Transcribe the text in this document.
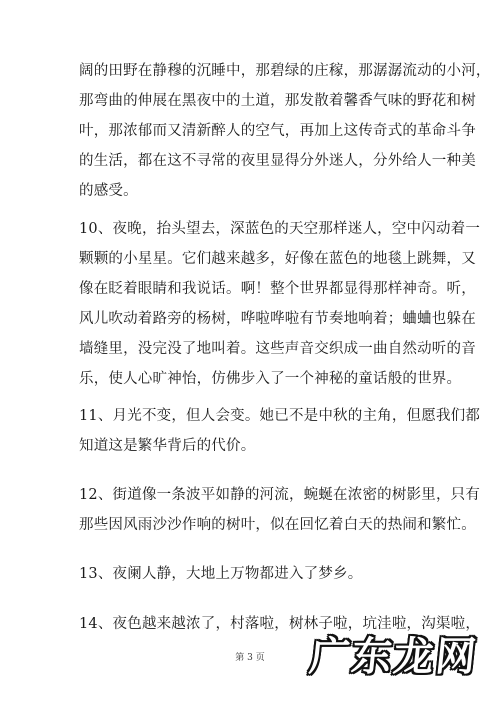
阔的田野在静穆的沉睡中，那碧绿的庄稼，那潺潺流动的小河，
那弯曲的伸展在黑夜中的土道，那发散着馨香气味的野花和树
叶，那浓郁而又清新醉人的空气，再加上这传奇式的革命斗争
的生活，都在这不寻常的夜里显得分外迷人，分外给人一种美
的感受。
10、夜晚，抬头望去，深蓝色的天空那样迷人，空中闪动着一
颗颗的小星星。它们越来越多，好像在蓝色的地毯上跳舞，又
像在眨着眼睛和我说话。啊！整个世界都显得那样神奇。听，
风儿吹动着路旁的杨树，哗啦哗啦有节奏地响着；蛐蛐也躲在
墙缝里，没完没了地叫着。这些声音交织成一曲自然动听的音
乐，使人心旷神怡，仿佛步入了一个神秘的童话般的世界。
11、月光不变，但人会变。她已不是中秋的主角，但愿我们都
知道这是繁华背后的代价。
12、街道像一条波平如静的河流，蜿蜒在浓密的树影里，只有
那些因风雨沙沙作响的树叶，似在回忆着白天的热闹和繁忙。
13、夜阑人静，大地上万物都进入了梦乡。
14、夜色越来越浓了，村落啦，树林子啦，坑洼啦，沟渠啦，
第 3 页	广东龙网
